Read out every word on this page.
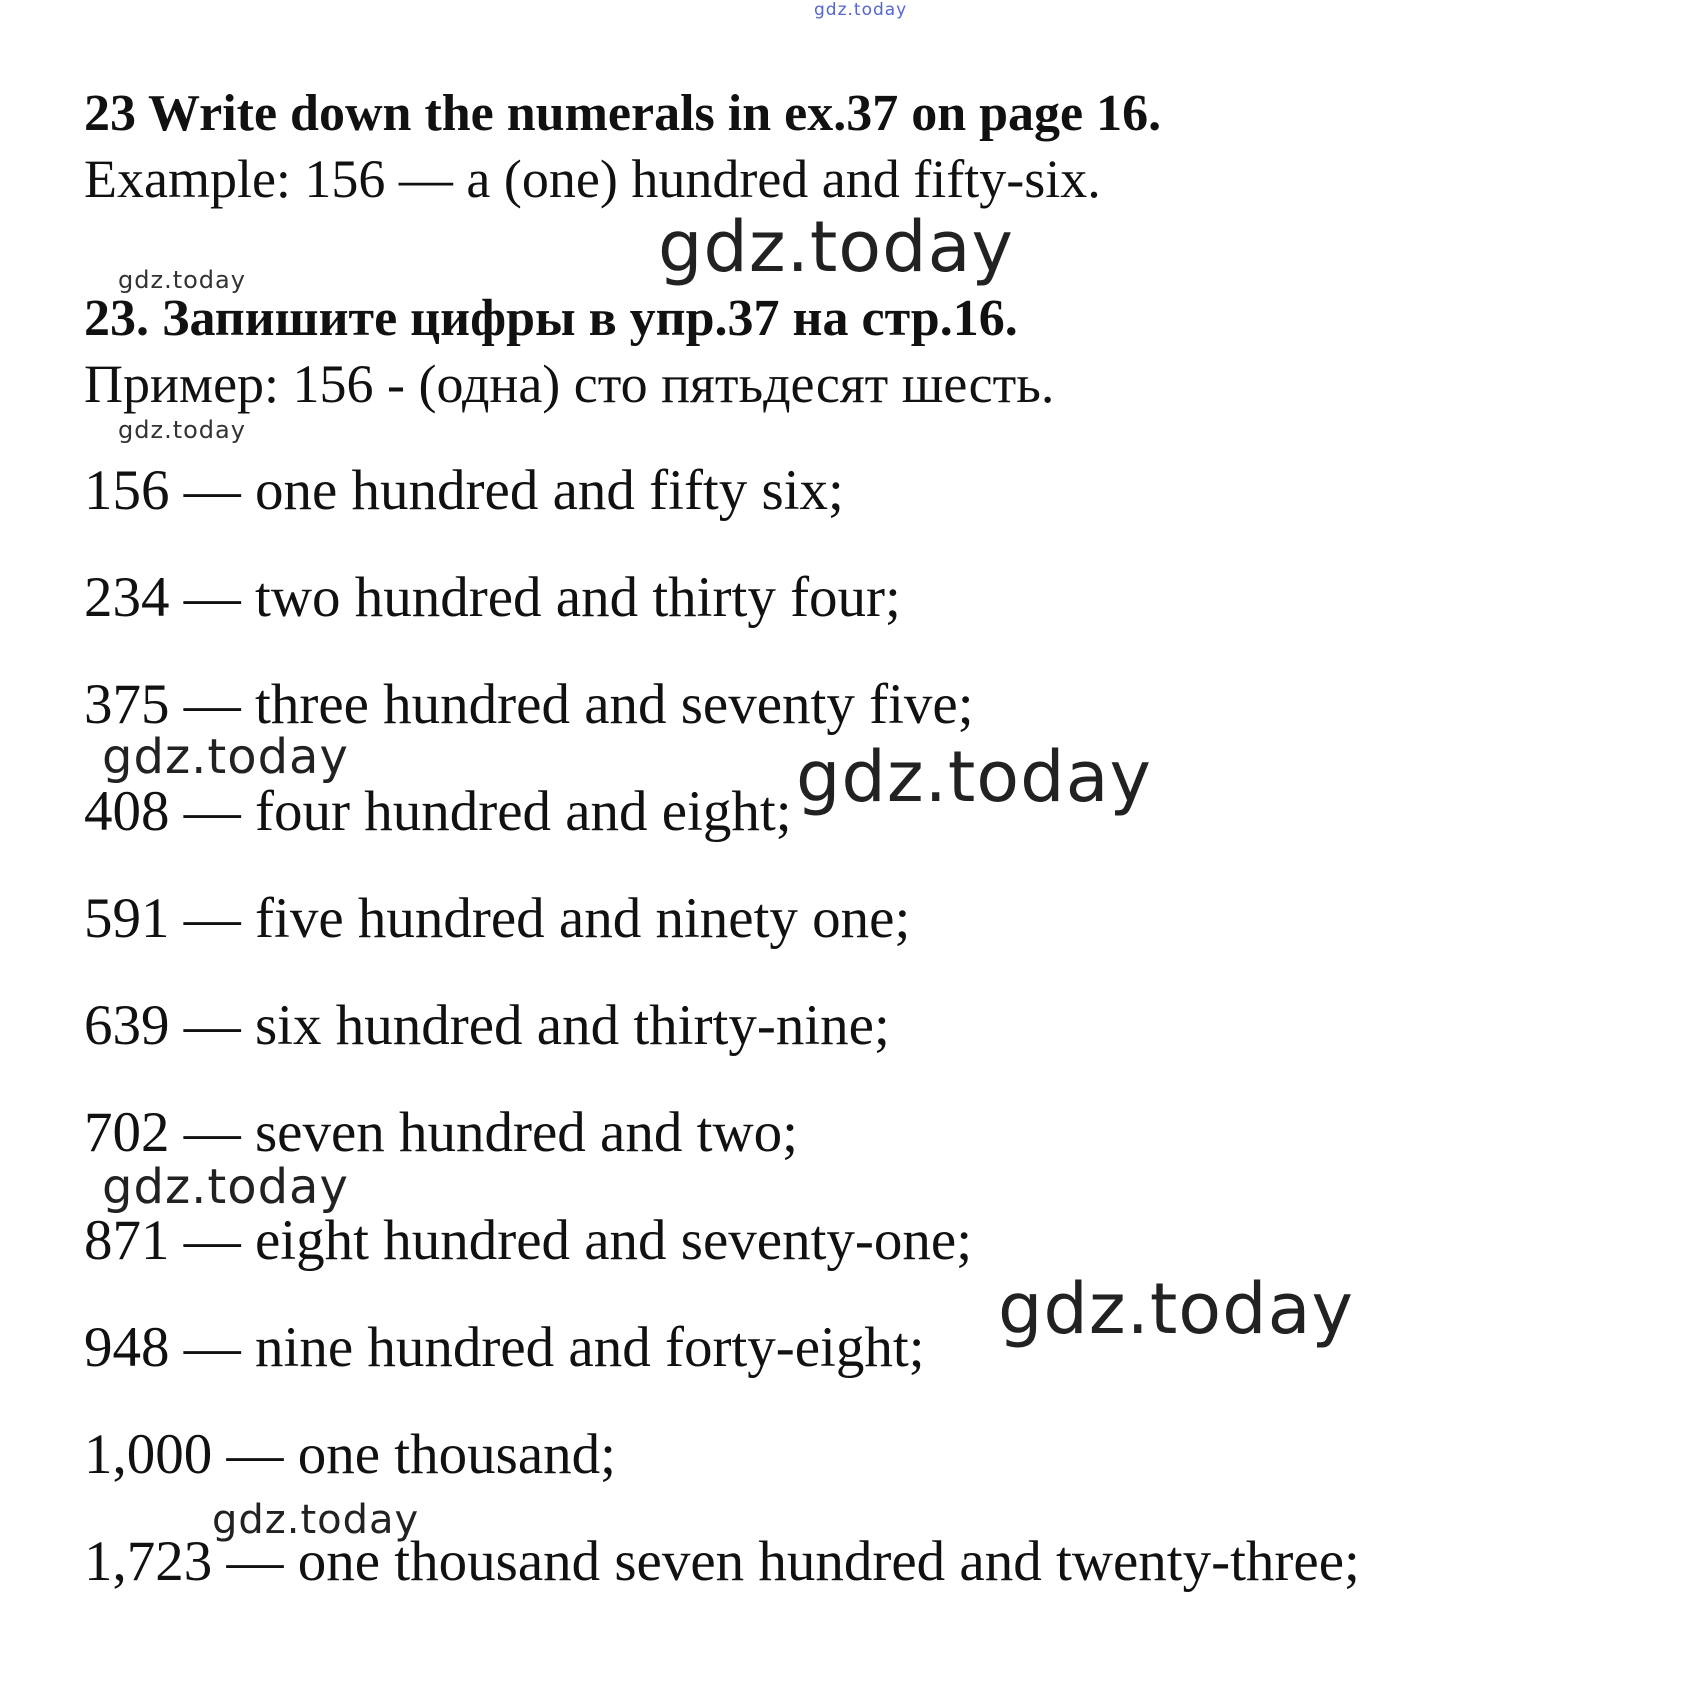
gdz.today
23 Write down the numerals in ex.37 on page 16.
Example: 156 — a (one) hundred and fifty-six.
gdz.today
gdz.today
23. Запишите цифры в упр.37 на стр.16.
Пример: 156 - (одна) сто пятьдесят шесть.
gdz.today
156 — one hundred and fifty six;
234 — two hundred and thirty four;
375 — three hundred and seventy five;
gdz.today
408 — four hundred and eight; gdz.today
591 — five hundred and ninety one;
639 — six hundred and thirty-nine;
702 — seven hundred and two;
gdz.today
871 — eight hundred and seventy-one;
948 — nine hundred and forty-eight; gdz.today
1,000 — one thousand;
gdz.today
1,723 — one thousand seven hundred and twenty-three;
